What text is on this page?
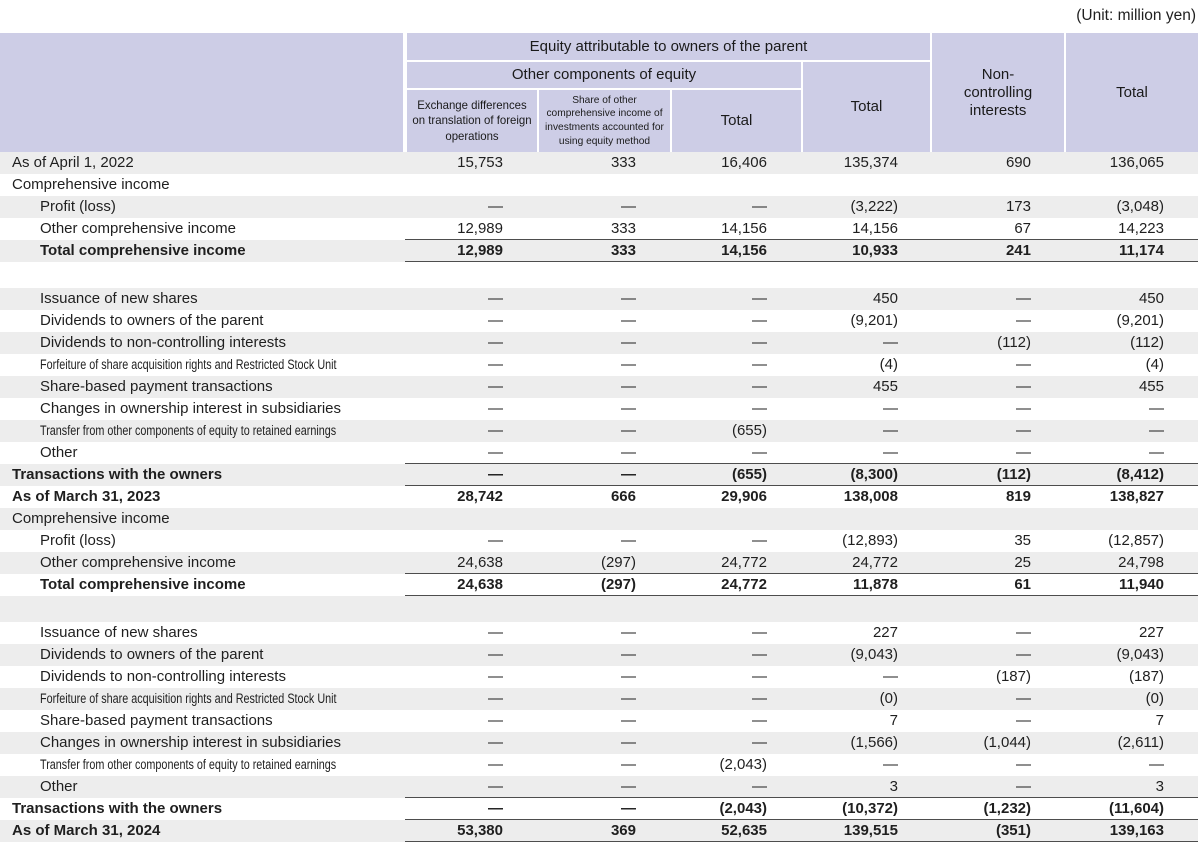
(Unit: million yen)
Equity attributable to owners of the parent
Other components of equity
Exchange differences on translation of foreign operations
Share of other comprehensive income of investments accounted for using equity method
Total
Total
Non-controlling interests
Total
As of April 1, 2022	15,753	333	16,406	135,374	690	136,065
Comprehensive income
Profit (loss)	—	—	—	(3,222)	173	(3,048)
Other comprehensive income	12,989	333	14,156	14,156	67	14,223
Total comprehensive income	12,989	333	14,156	10,933	241	11,174
Issuance of new shares	—	—	—	450	—	450
Dividends to owners of the parent	—	—	—	(9,201)	—	(9,201)
Dividends to non-controlling interests	—	—	—	—	(112)	(112)
Forfeiture of share acquisition rights and Restricted Stock Unit	—	—	—	(4)	—	(4)
Share-based payment transactions	—	—	—	455	—	455
Changes in ownership interest in subsidiaries	—	—	—	—	—	—
Transfer from other components of equity to retained earnings	—	—	(655)	—	—	—
Other	—	—	—	—	—	—
Transactions with the owners	—	—	(655)	(8,300)	(112)	(8,412)
As of March 31, 2023	28,742	666	29,906	138,008	819	138,827
Comprehensive income
Profit (loss)	—	—	—	(12,893)	35	(12,857)
Other comprehensive income	24,638	(297)	24,772	24,772	25	24,798
Total comprehensive income	24,638	(297)	24,772	11,878	61	11,940
Issuance of new shares	—	—	—	227	—	227
Dividends to owners of the parent	—	—	—	(9,043)	—	(9,043)
Dividends to non-controlling interests	—	—	—	—	(187)	(187)
Forfeiture of share acquisition rights and Restricted Stock Unit	—	—	—	(0)	—	(0)
Share-based payment transactions	—	—	—	7	—	7
Changes in ownership interest in subsidiaries	—	—	—	(1,566)	(1,044)	(2,611)
Transfer from other components of equity to retained earnings	—	—	(2,043)	—	—	—
Other	—	—	—	3	—	3
Transactions with the owners	—	—	(2,043)	(10,372)	(1,232)	(11,604)
As of March 31, 2024	53,380	369	52,635	139,515	(351)	139,163
